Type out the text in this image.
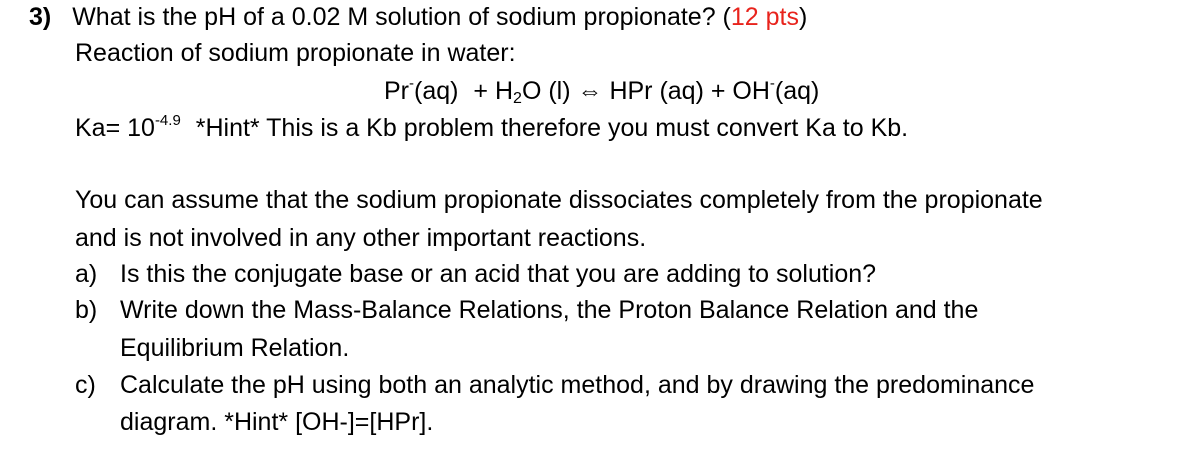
3) What is the pH of a 0.02 M solution of sodium propionate? (12 pts)
Reaction of sodium propionate in water:
$Pr^-(aq) + H_2O$ (l) ⇔ HPr (aq) + OH-(aq)
$Ka= 10^{-4.9}$ *Hint* This is a Kb problem therefore you must convert Ka to Kb.
You can assume that the sodium propionate dissociates completely from the propionate
and is not involved in any other important reactions.
a) Is this the conjugate base or an acid that you are adding to solution?
b) Write down the Mass-Balance Relations, the Proton Balance Relation and the
Equilibrium Relation.
c) Calculate the pH using both an analytic method, and by drawing the predominance
diagram. *Hint* [OH-]=[HPr].
